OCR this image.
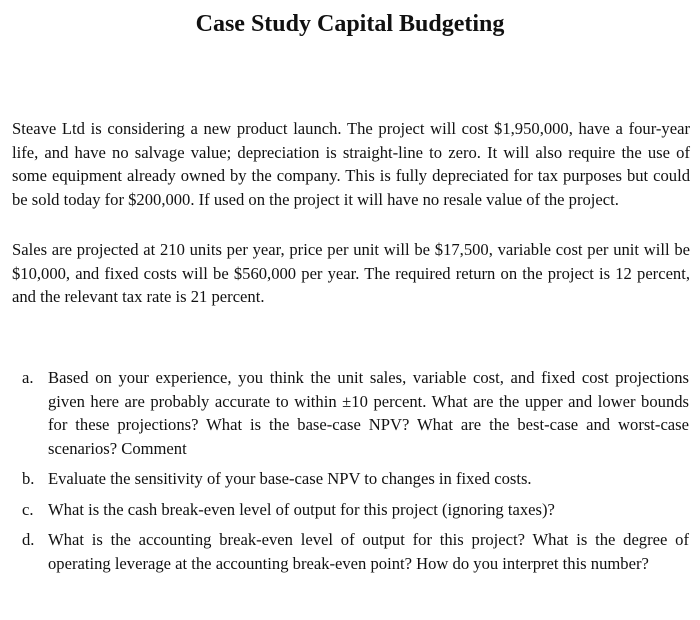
Case Study Capital Budgeting

Steave Ltd is considering a new product launch. The project will cost $1,950,000, have a four-year life, and have no salvage value; depreciation is straight-line to zero. It will also require the use of some equipment already owned by the company. This is fully depreciated for tax purposes but could be sold today for $200,000. If used on the project it will have no resale value of the project.

Sales are projected at 210 units per year, price per unit will be $17,500, variable cost per unit will be $10,000, and fixed costs will be $560,000 per year. The required return on the project is 12 percent, and the relevant tax rate is 21 percent.

a. Based on your experience, you think the unit sales, variable cost, and fixed cost projections given here are probably accurate to within ±10 percent. What are the upper and lower bounds for these projections? What is the base-case NPV? What are the best-case and worst-case scenarios? Comment
b. Evaluate the sensitivity of your base-case NPV to changes in fixed costs.
c. What is the cash break-even level of output for this project (ignoring taxes)?
d. What is the accounting break-even level of output for this project? What is the degree of operating leverage at the accounting break-even point? How do you interpret this number?
